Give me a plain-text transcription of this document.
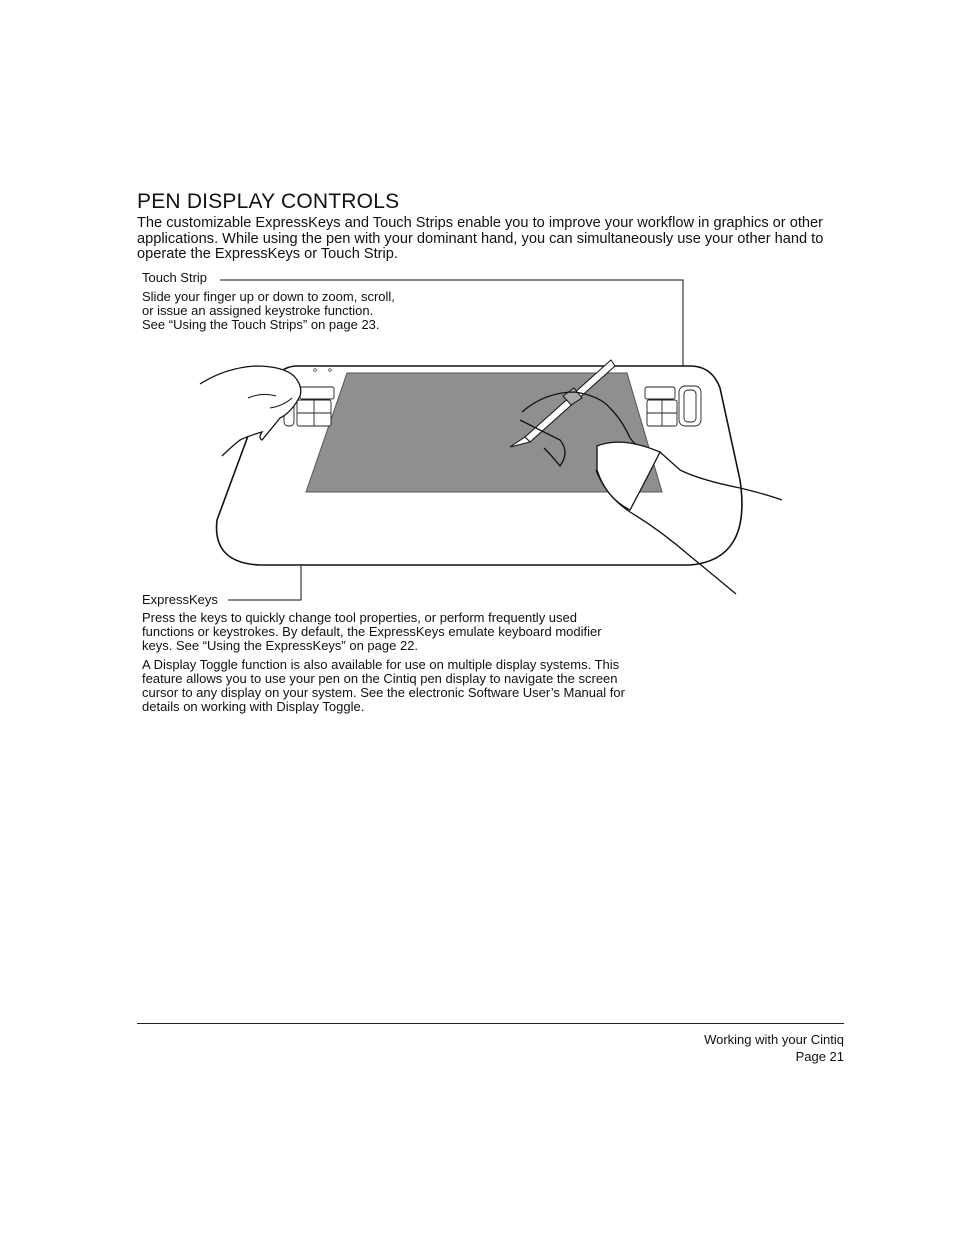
PEN DISPLAY CONTROLS

The customizable ExpressKeys and Touch Strips enable you to improve your workflow in graphics or other applications. While using the pen with your dominant hand, you can simultaneously use your other hand to operate the ExpressKeys or Touch Strip.

Touch Strip
Slide your finger up or down to zoom, scroll,
or issue an assigned keystroke function.
See “Using the Touch Strips” on page 23.
ExpressKeys

Press the keys to quickly change tool properties, or perform frequently used functions or keystrokes. By default, the ExpressKeys emulate keyboard modifier keys. See “Using the ExpressKeys” on page 22.

A Display Toggle function is also available for use on multiple display systems. This feature allows you to use your pen on the Cintiq pen display to navigate the screen cursor to any display on your system. See the electronic Software User’s Manual for details on working with Display Toggle.

Working with your Cintiq
Page 21
